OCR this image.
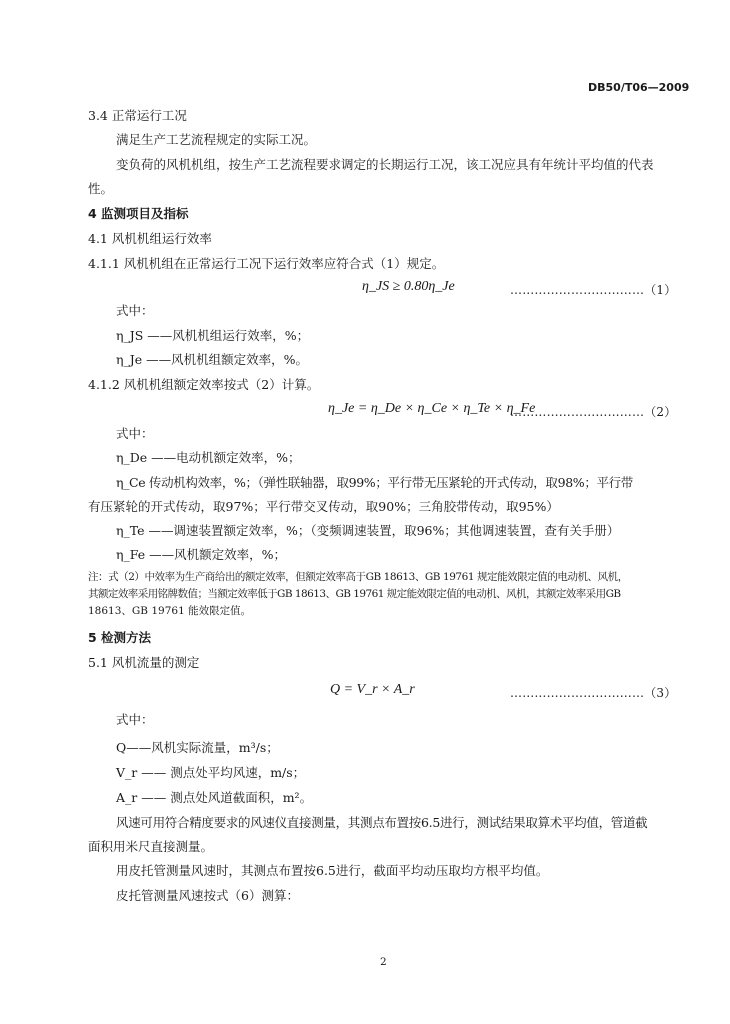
DB50/T06—2009
3.4 正常运行工况
满足生产工艺流程规定的实际工况。
变负荷的风机机组，按生产工艺流程要求调定的长期运行工况，该工况应具有年统计平均值的代表
性。
4 监测项目及指标
4.1 风机机组运行效率
4.1.1 风机机组在正常运行工况下运行效率应符合式（1）规定。
η_JS ≥ 0.80η_Je	……………………………（1）
式中：
η_JS ——风机机组运行效率，%；
η_Je ——风机机组额定效率，%。
4.1.2 风机机组额定效率按式（2）计算。
η_Je = η_De × η_Ce × η_Te × η_Fe
……………………………（2）
式中：
η_De ——电动机额定效率，%；
η_Ce 传动机构效率，%；（弹性联轴器，取99%；平行带无压紧轮的开式传动，取98%；平行带
有压紧轮的开式传动，取97%；平行带交叉传动，取90%；三角胶带传动，取95%）
η_Te ——调速装置额定效率，%；（变频调速装置，取96%；其他调速装置，查有关手册）
η_Fe ——风机额定效率，%；
注：式（2）中效率为生产商给出的额定效率，但额定效率高于GB 18613、GB 19761 规定能效限定值的电动机、风机，
其额定效率采用铭牌数值；当额定效率低于GB 18613、GB 19761 规定能效限定值的电动机、风机，其额定效率采用GB
18613、GB 19761 能效限定值。
5 检测方法
5.1 风机流量的测定
Q = V_r × A_r	……………………………（3）
式中：
Q——风机实际流量，m³/s；
V_r —— 测点处平均风速，m/s；
A_r —— 测点处风道截面积，m²。
风速可用符合精度要求的风速仪直接测量，其测点布置按6.5进行，测试结果取算术平均值，管道截
面积用米尺直接测量。
用皮托管测量风速时，其测点布置按6.5进行，截面平均动压取均方根平均值。
皮托管测量风速按式（6）测算：
2
